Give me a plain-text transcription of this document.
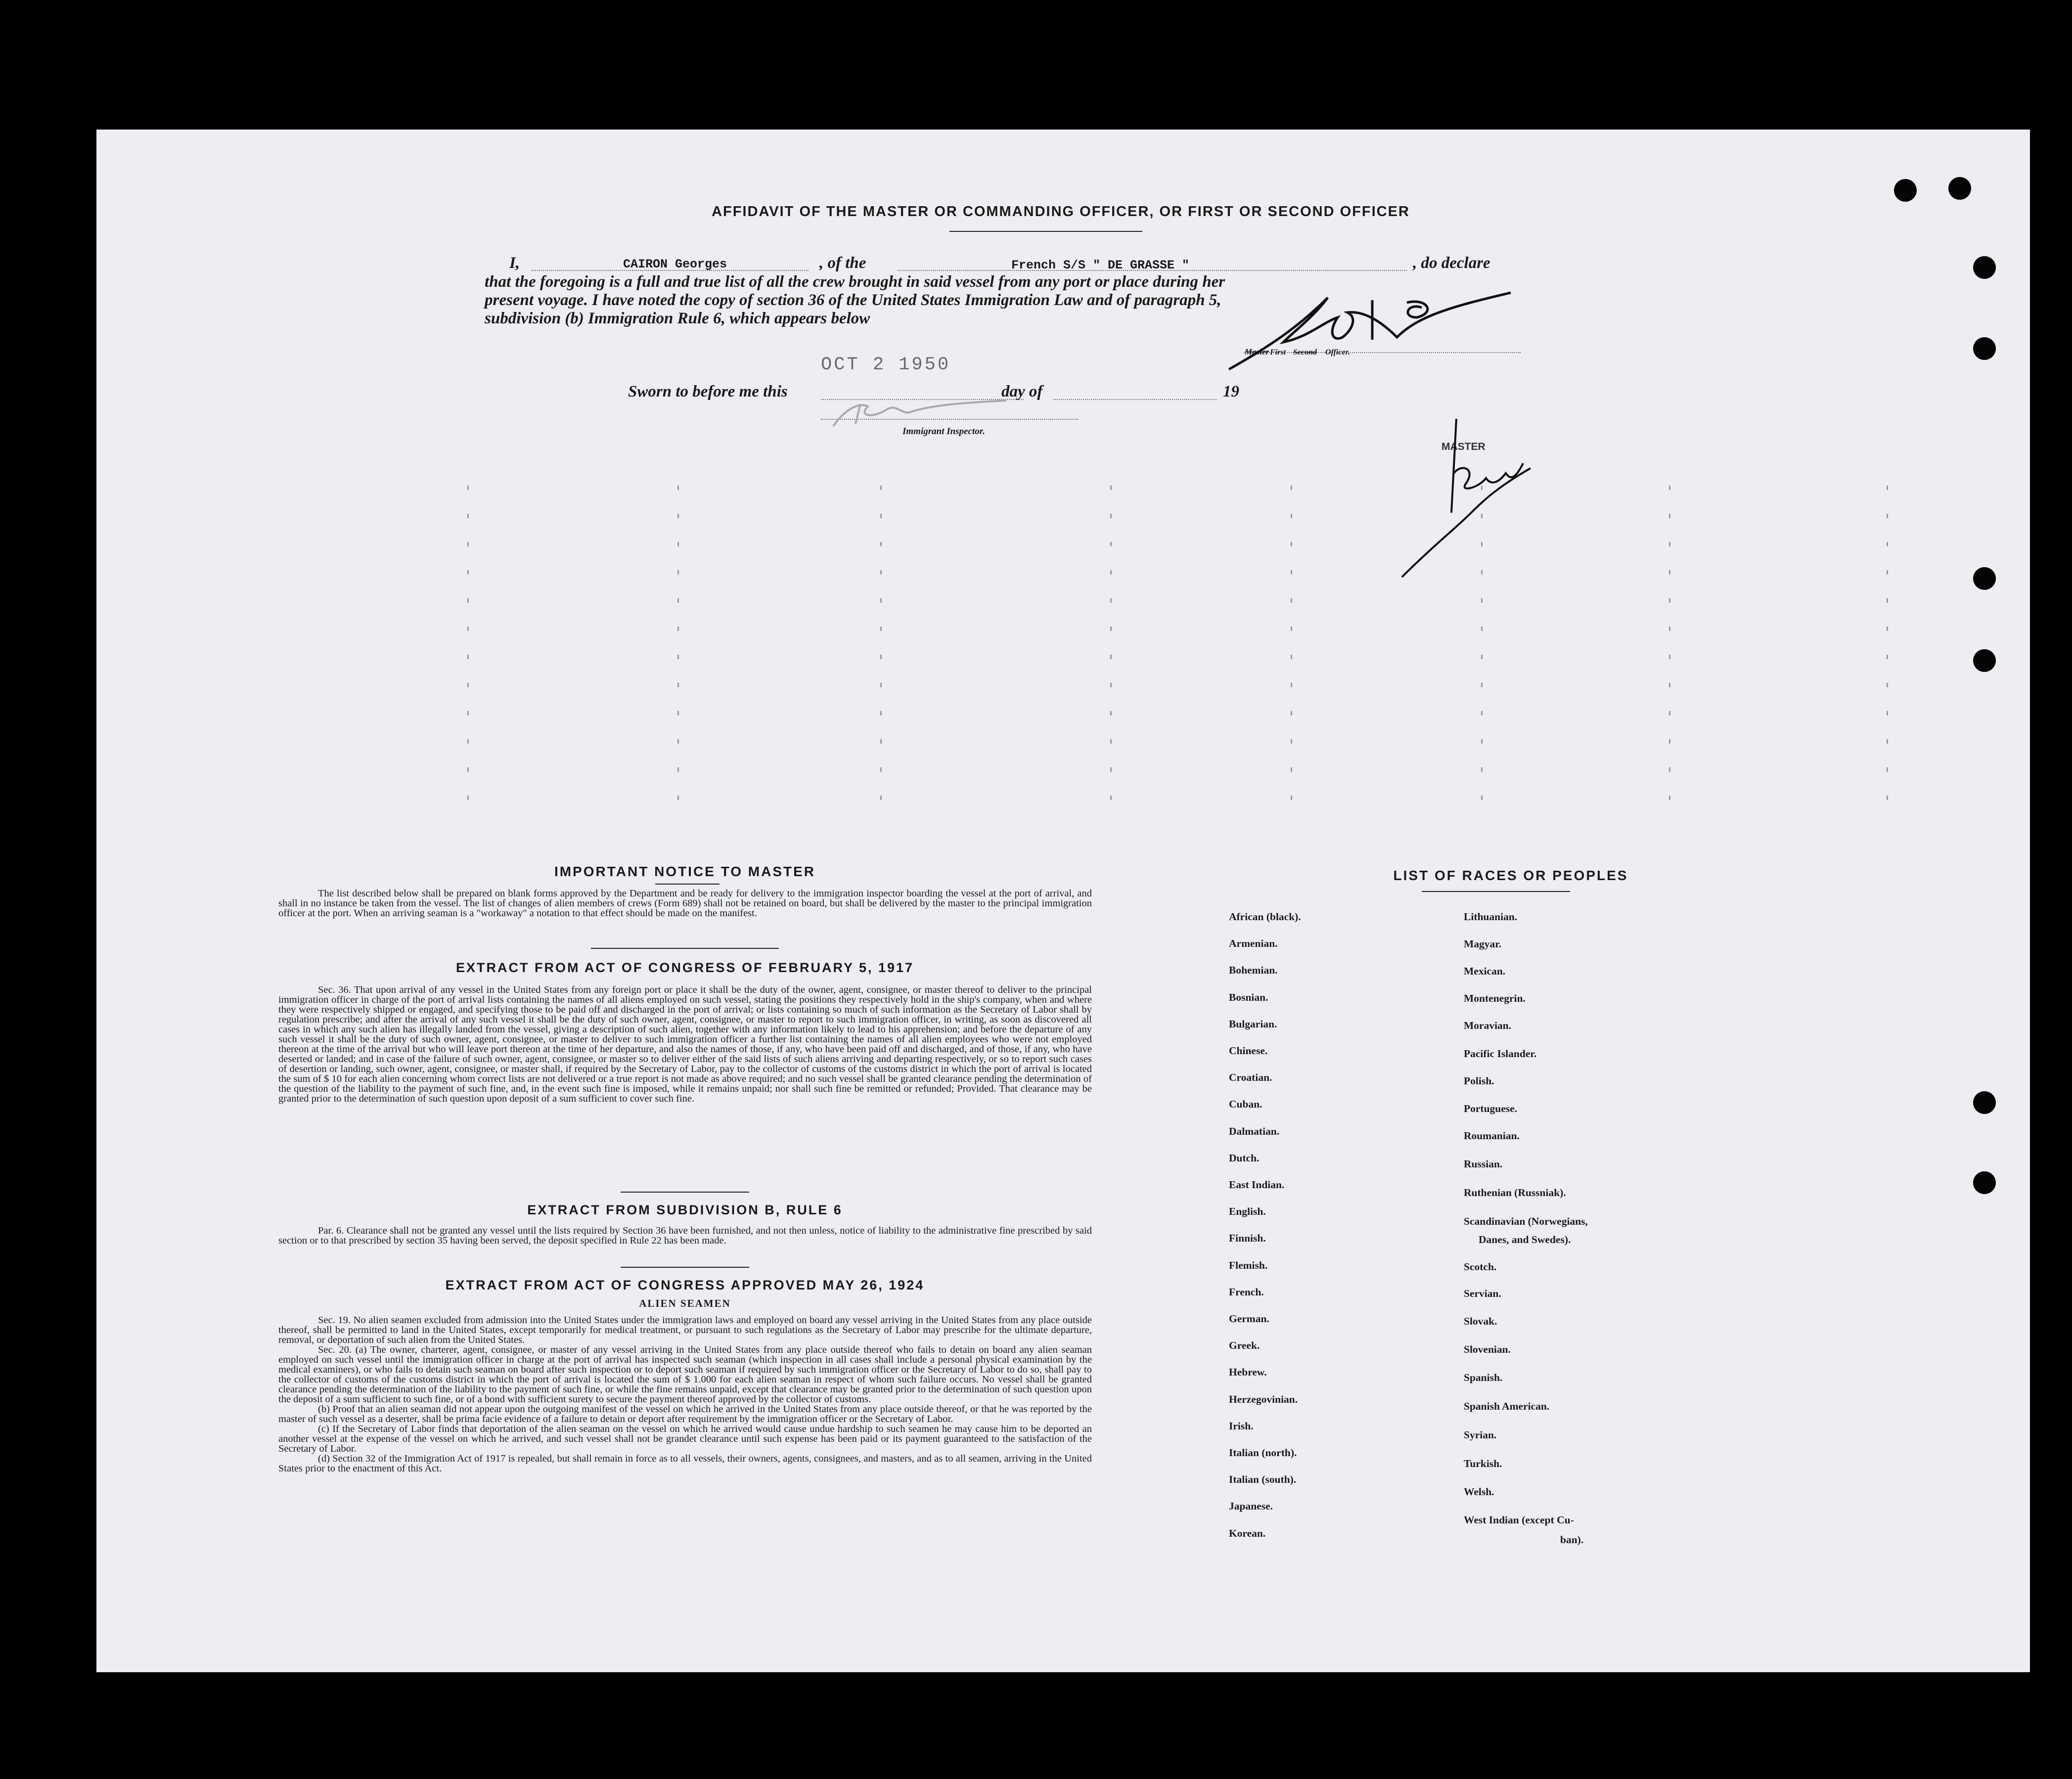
AFFIDAVIT OF THE MASTER OR COMMANDING OFFICER, OR FIRST OR SECOND OFFICER
I,	CAIRON Georges	, of the	French S/S " DE GRASSE "	, do declare
that the foregoing is a full and true list of all the crew brought in said vessel from any port or place during her
present voyage. I have noted the copy of section 36 of the United States Immigration Law and of paragraph 5,
subdivision (b) Immigration Rule 6, which appears below
Master First Second Officer.
OCT 2 1950
Sworn to before me this	day of	19
Immigrant Inspector.
MASTER
IMPORTANT NOTICE TO MASTER

The list described below shall be prepared on blank forms approved by the Department and be ready for delivery to the immigration inspector boarding the vessel at the port of arrival, and shall in no instance be taken from the vessel. The list of changes of alien members of crews (Form 689) shall not be retained on board, but shall be delivered by the master to the principal immigration officer at the port. When an arriving seaman is a "workaway" a notation to that effect should be made on the manifest.

EXTRACT FROM ACT OF CONGRESS OF FEBRUARY 5, 1917

Sec. 36. That upon arrival of any vessel in the United States from any foreign port or place it shall be the duty of the owner, agent, consignee, or master thereof to deliver to the principal immigration officer in charge of the port of arrival lists containing the names of all aliens employed on such vessel, stating the positions they respectively hold in the ship's company, when and where they were respectively shipped or engaged, and specifying those to be paid off and discharged in the port of arrival; or lists containing so much of such information as the Secretary of Labor shall by regulation prescribe; and after the arrival of any such vessel it shall be the duty of such owner, agent, consignee, or master to report to such immigration officer, in writing, as soon as discovered all cases in which any such alien has illegally landed from the vessel, giving a description of such alien, together with any information likely to lead to his apprehension; and before the departure of any such vessel it shall be the duty of such owner, agent, consignee, or master to deliver to such immigration officer a further list containing the names of all alien employees who were not employed thereon at the time of the arrival but who will leave port thereon at the time of her departure, and also the names of those, if any, who have been paid off and discharged, and of those, if any, who have deserted or landed; and in case of the failure of such owner, agent, consignee, or master so to deliver either of the said lists of such aliens arriving and departing respectively, or so to report such cases of desertion or landing, such owner, agent, consignee, or master shall, if required by the Secretary of Labor, pay to the collector of customs of the customs district in which the port of arrival is located the sum of $ 10 for each alien concerning whom correct lists are not delivered or a true report is not made as above required; and no such vessel shall be granted clearance pending the determination of the question of the liability to the payment of such fine, and, in the event such fine is imposed, while it remains unpaid; nor shall such fine be remitted or refunded; Provided. That clearance may be granted prior to the determination of such question upon deposit of a sum sufficient to cover such fine.

EXTRACT FROM SUBDIVISION B, RULE 6

Par. 6. Clearance shall not be granted any vessel until the lists required by Section 36 have been furnished, and not then unless, notice of liability to the administrative fine prescribed by said section or to that prescribed by section 35 having been served, the deposit specified in Rule 22 has been made.

EXTRACT FROM ACT OF CONGRESS APPROVED MAY 26, 1924
ALIEN SEAMEN

Sec. 19. No alien seamen excluded from admission into the United States under the immigration laws and employed on board any vessel arriving in the United States from any place outside thereof, shall be permitted to land in the United States, except temporarily for medical treatment, or pursuant to such regulations as the Secretary of Labor may prescribe for the ultimate departure, removal, or deportation of such alien from the United States.

Sec. 20. (a) The owner, charterer, agent, consignee, or master of any vessel arriving in the United States from any place outside thereof who fails to detain on board any alien seaman employed on such vessel until the immigration officer in charge at the port of arrival has inspected such seaman (which inspection in all cases shall include a personal physical examination by the medical examiners), or who fails to detain such seaman on board after such inspection or to deport such seaman if required by such immigration officer or the Secretary of Labor to do so, shall pay to the collector of customs of the customs district in which the port of arrival is located the sum of $ 1.000 for each alien seaman in respect of whom such failure occurs. No vessel shall be granted clearance pending the determination of the liability to the payment of such fine, or while the fine remains unpaid, except that clearance may be granted prior to the determination of such question upon the deposit of a sum sufficient to such fine, or of a bond with sufficient surety to secure the payment thereof approved by the collector of customs.

(b) Proof that an alien seaman did not appear upon the outgoing manifest of the vessel on which he arrived in the United States from any place outside thereof, or that he was reported by the master of such vessel as a deserter, shall be prima facie evidence of a failure to detain or deport after requirement by the immigration officer or the Secretary of Labor.

(c) If the Secretary of Labor finds that deportation of the alien seaman on the vessel on which he arrived would cause undue hardship to such seamen he may cause him to be deported an another vessel at the expense of the vessel on which he arrived, and such vessel shall not be grandet clearance until such expense has been paid or its payment guaranteed to the satisfaction of the Secretary of Labor.

(d) Section 32 of the Immigration Act of 1917 is repealed, but shall remain in force as to all vessels, their owners, agents, consignees, and masters, and as to all seamen, arriving in the United States prior to the enactment of this Act.

LIST OF RACES OR PEOPLES
African (black).
Armenian.
Bohemian.
Bosnian.
Bulgarian.
Chinese.
Croatian.
Cuban.
Dalmatian.
Dutch.
East Indian.
English.
Finnish.
Flemish.
French.
German.
Greek.
Hebrew.
Herzegovinian.
Irish.
Italian (north).
Italian (south).
Japanese.
Korean.
Lithuanian.
Magyar.
Mexican.
Montenegrin.
Moravian.
Pacific Islander.
Polish.
Portuguese.
Roumanian.
Russian.
Ruthenian (Russniak).
Scandinavian (Norwegians,
Scotch.
Servian.
Slovak.
Slovenian.
Spanish.
Spanish American.
Syrian.
Turkish.
Welsh.
West Indian (except Cu-
Danes, and Swedes).
ban).
